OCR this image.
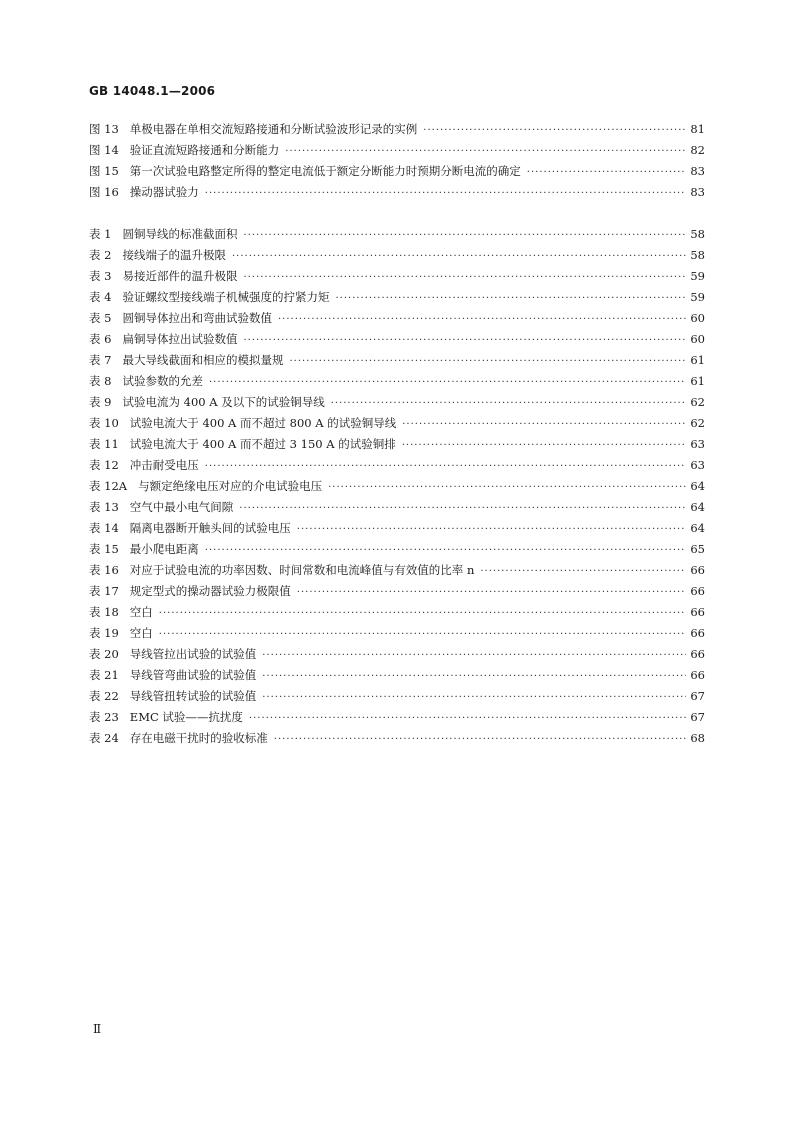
GB 14048.1—2006
图 13 单极电器在单相交流短路接通和分断试验波形记录的实例 ·····	81
图 14 验证直流短路接通和分断能力 ·····	82
图 15 第一次试验电路整定所得的整定电流低于额定分断能力时预期分断电流的确定 ·····	83
图 16 操动器试验力 ·····	83
表 1 圆铜导线的标准截面积 ·····	58
表 2 接线端子的温升极限 ·····	58
表 3 易接近部件的温升极限 ·····	59
表 4 验证螺纹型接线端子机械强度的拧紧力矩 ·····	59
表 5 圆铜导体拉出和弯曲试验数值 ·····	60
表 6 扁铜导体拉出试验数值 ·····	60
表 7 最大导线截面和相应的模拟量规 ·····	61
表 8 试验参数的允差 ·····	61
表 9 试验电流为 400 A 及以下的试验铜导线 ·····	62
表 10 试验电流大于 400 A 而不超过 800 A 的试验铜导线 ·····	62
表 11 试验电流大于 400 A 而不超过 3 150 A 的试验铜排 ·····	63
表 12 冲击耐受电压 ·····	63
表 12A 与额定绝缘电压对应的介电试验电压 ·····	64
表 13 空气中最小电气间隙 ·····	64
表 14 隔离电器断开触头间的试验电压 ·····	64
表 15 最小爬电距离 ·····	65
表 16 对应于试验电流的功率因数、时间常数和电流峰值与有效值的比率 n ·····	66
表 17 规定型式的操动器试验力极限值 ·····	66
表 18 空白 ·····	66
表 19 空白 ·····	66
表 20 导线管拉出试验的试验值 ·····	66
表 21 导线管弯曲试验的试验值 ·····	66
表 22 导线管扭转试验的试验值 ·····	67
表 23 EMC 试验——抗扰度 ·····	67
表 24 存在电磁干扰时的验收标准 ·····	68
Ⅱ
